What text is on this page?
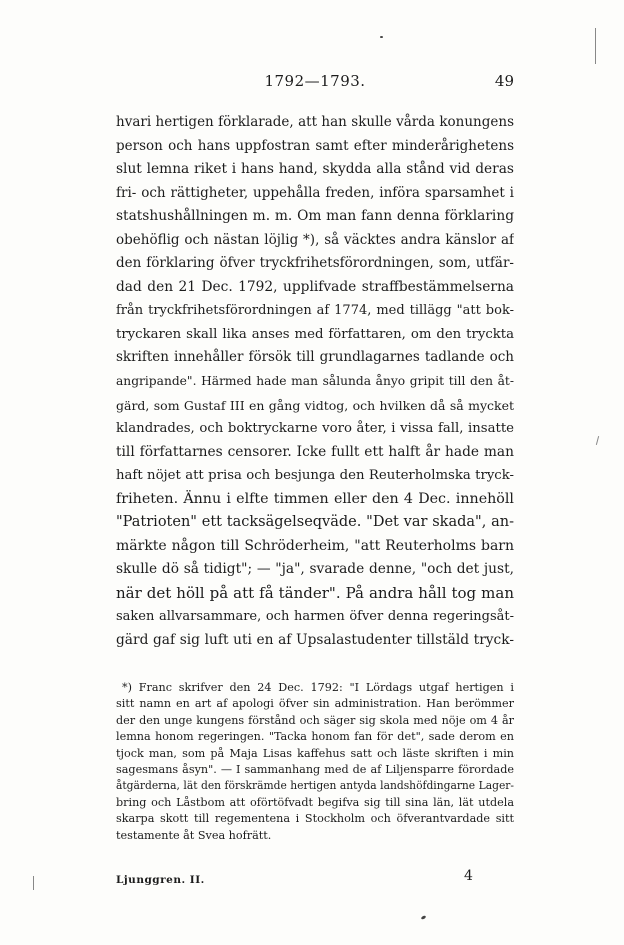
1792—1793.	49
hvari hertigen förklarade, att han skulle vårda konungens
person och hans uppfostran samt efter minderårighetens
slut lemna riket i hans hand, skydda alla stånd vid deras
fri- och rättigheter, uppehålla freden, införa sparsamhet i
statshushållningen m. m. Om man fann denna förklaring
obehöflig och nästan löjlig *), så väcktes andra känslor af
den förklaring öfver tryckfrihetsförordningen, som, utfär-
dad den 21 Dec. 1792, upplifvade straffbestämmelserna
från tryckfrihetsförordningen af 1774, med tillägg "att bok-
tryckaren skall lika anses med författaren, om den tryckta
skriften innehåller försök till grundlagarnes tadlande och
angripande". Härmed hade man sålunda ånyo gripit till den åt-
gärd, som Gustaf III en gång vidtog, och hvilken då så mycket
klandrades, och boktryckarne voro åter, i vissa fall, insatte
till författarnes censorer. Icke fullt ett halft år hade man
haft nöjet att prisa och besjunga den Reuterholmska tryck-
friheten. Ännu i elfte timmen eller den 4 Dec. innehöll
"Patrioten" ett tacksägelseqväde. "Det var skada", an-
märkte någon till Schröderheim, "att Reuterholms barn
skulle dö så tidigt"; — "ja", svarade denne, "och det just,
när det höll på att få tänder". På andra håll tog man
saken allvarsammare, och harmen öfver denna regeringsåt-
gärd gaf sig luft uti en af Upsalastudenter tillstäld tryck-
*) Franc skrifver den 24 Dec. 1792: "I Lördags utgaf hertigen i
sitt namn en art af apologi öfver sin administration. Han berömmer
der den unge kungens förstånd och säger sig skola med nöje om 4 år
lemna honom regeringen. "Tacka honom fan för det", sade derom en
tjock man, som på Maja Lisas kaffehus satt och läste skriften i min
sagesmans åsyn". — I sammanhang med de af Liljensparre förordade
åtgärderna, lät den förskrämde hertigen antyda landshöfdingarne Lager-
bring och Låstbom att oförtöfvadt begifva sig till sina län, lät utdela
skarpa skott till regementena i Stockholm och öfverantvardade sitt
testamente åt Svea hofrätt.
Ljunggren. II.	4
